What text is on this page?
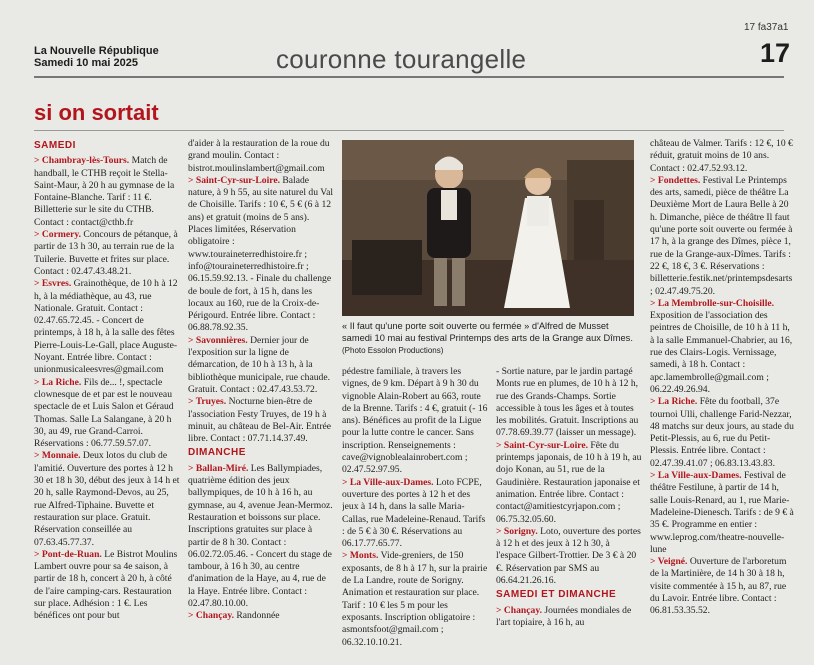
17 fa37a1
La Nouvelle République
Samedi 10 mai 2025	couronne tourangelle	17
si on sortait

SAMEDI

> Chambray-lès-Tours. Match de handball, le CTHB reçoit le Stella-Saint-Maur, à 20 h au gymnase de la Fontaine-Blanche. Tarif : 11 €. Billetterie sur le site du CTHB. Contact : contact@cthb.fr

> Cormery. Concours de pétanque, à partir de 13 h 30, au terrain rue de la Tuilerie. Buvette et frites sur place. Contact : 02.47.43.48.21.

> Esvres. Grainothèque, de 10 h à 12 h, à la médiathèque, au 43, rue Nationale. Gratuit. Contact : 02.47.65.72.45. - Concert de printemps, à 18 h, à la salle des fêtes Pierre-Louis-Le-Gall, place Auguste-Noyant. Entrée libre. Contact : unionmusicaleesvres@gmail.com

> La Riche. Fils de... !, spectacle clownesque de et par est le nouveau spectacle de et Luis Salon et Géraud Thomas. Salle La Salangane, à 20 h 30, au 49, rue Grand-Carroi. Réservations : 06.77.59.57.07.

> Monnaie. Deux lotos du club de l'amitié. Ouverture des portes à 12 h 30 et 18 h 30, début des jeux à 14 h et 20 h, salle Raymond-Devos, au 25, rue Alfred-Tiphaine. Buvette et restauration sur place. Gratuit. Réservation conseillée au 07.63.45.77.37.

> Pont-de-Ruan. Le Bistrot Moulins Lambert ouvre pour sa 4e saison, à partir de 18 h, concert à 20 h, à côté de l'aire camping-cars. Restauration sur place. Adhésion : 1 €. Les bénéfices ont pour but

d'aider à la restauration de la roue du grand moulin. Contact : bistrot.moulinslambert@gmail.com

> Saint-Cyr-sur-Loire. Balade nature, à 9 h 55, au site naturel du Val de Choisille. Tarifs : 10 €, 5 € (6 à 12 ans) et gratuit (moins de 5 ans). Places limitées, Réservation obligatoire : www.touraineterredhistoire.fr ; info@touraineterredhistoire.fr ; 06.15.59.92.13. - Finale du challenge de boule de fort, à 15 h, dans les locaux au 160, rue de la Croix-de-Périgourd. Entrée libre. Contact : 06.88.78.92.35.

> Savonnières. Dernier jour de l'exposition sur la ligne de démarcation, de 10 h à 13 h, à la bibliothèque municipale, rue chaude. Gratuit. Contact : 02.47.43.53.72.

> Truyes. Nocturne bien-être de l'association Festy Truyes, de 19 h à minuit, au château de Bel-Air. Entrée libre. Contact : 07.71.14.37.49.

DIMANCHE

> Ballan-Miré. Les Ballympiades, quatrième édition des jeux ballympiques, de 10 h à 16 h, au gymnase, au 4, avenue Jean-Mermoz. Restauration et boissons sur place. Inscriptions gratuites sur place à partir de 8 h 30. Contact : 06.02.72.05.46. - Concert du stage de tambour, à 16 h 30, au centre d'animation de la Haye, au 4, rue de la Haye. Entrée libre. Contact : 02.47.80.10.00.

> Chançay. Randonnée

« Il faut qu'une porte soit ouverte ou fermée » d'Alfred de Musset samedi 10 mai au festival Printemps des arts de la Grange aux Dîmes. (Photo Essolon Productions)

pédestre familiale, à travers les vignes, de 9 km. Départ à 9 h 30 du vignoble Alain-Robert au 663, route de la Brenne. Tarifs : 4 €, gratuit (- 16 ans). Bénéfices au profit de la Ligue pour la lutte contre le cancer. Sans inscription. Renseignements : cave@vignoblealainrobert.com ; 02.47.52.97.95.

> La Ville-aux-Dames. Loto FCPE, ouverture des portes à 12 h et des jeux à 14 h, dans la salle Maria-Callas, rue Madeleine-Renaud. Tarifs : de 5 € à 30 €. Réservations au 06.17.77.65.77.

> Monts. Vide-greniers, de 150 exposants, de 8 h à 17 h, sur la prairie de La Landre, route de Sorigny. Animation et restauration sur place. Tarif : 10 € les 5 m pour les exposants. Inscription obligatoire : asmontsfoot@gmail.com ; 06.32.10.10.21.

- Sortie nature, par le jardin partagé Monts rue en plumes, de 10 h à 12 h, rue des Grands-Champs. Sortie accessible à tous les âges et à toutes les mobilités. Gratuit. Inscriptions au 07.78.69.39.77 (laisser un message).

> Saint-Cyr-sur-Loire. Fête du printemps japonais, de 10 h à 19 h, au dojo Konan, au 51, rue de la Gaudinière. Restauration japonaise et animation. Entrée libre. Contact : contact@amitiestcyrjapon.com ; 06.75.32.05.60.

> Sorigny. Loto, ouverture des portes à 12 h et des jeux à 12 h 30, à l'espace Gilbert-Trottier. De 3 € à 20 €. Réservation par SMS au 06.64.21.26.16.

SAMEDI ET DIMANCHE

> Chançay. Journées mondiales de l'art topiaire, à 16 h, au

château de Valmer. Tarifs : 12 €, 10 € réduit, gratuit moins de 10 ans. Contact : 02.47.52.93.12.

> Fondettes. Festival Le Printemps des arts, samedi, pièce de théâtre La Deuxième Mort de Laura Belle à 20 h. Dimanche, pièce de théâtre Il faut qu'une porte soit ouverte ou fermée à 17 h, à la grange des Dîmes, pièce 1, rue de la Grange-aux-Dîmes. Tarifs : 22 €, 18 €, 3 €. Réservations : billetterie.festik.net/printempsdesarts ; 02.47.49.75.20.

> La Membrolle-sur-Choisille. Exposition de l'association des peintres de Choisille, de 10 h à 11 h, à la salle Emmanuel-Chabrier, au 16, rue des Clairs-Logis. Vernissage, samedi, à 18 h. Contact : apc.lamembrolle@gmail.com ; 06.22.49.26.94.

> La Riche. Fête du football, 37e tournoi Ulli, challenge Farid-Nezzar, 48 matchs sur deux jours, au stade du Petit-Plessis, au 6, rue du Petit-Plessis. Entrée libre. Contact : 02.47.39.41.07 ; 06.83.13.43.83.

> La Ville-aux-Dames. Festival de théâtre Festilune, à partir de 14 h, salle Louis-Renard, au 1, rue Marie-Madeleine-Dienesch. Tarifs : de 9 € à 35 €. Programme en entier : www.leprog.com/theatre-nouvelle-lune

> Veigné. Ouverture de l'arboretum de la Martinière, de 14 h 30 à 18 h, visite commentée à 15 h, au 87, rue du Lavoir. Entrée libre. Contact : 06.81.53.35.52.
